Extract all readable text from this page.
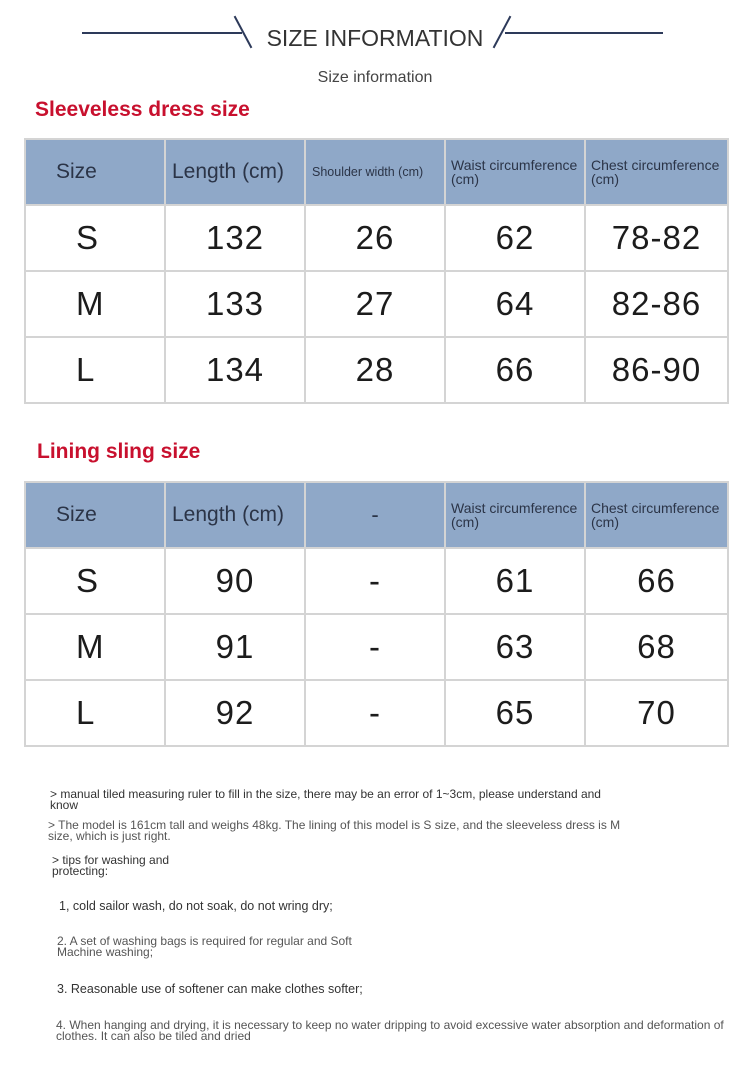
SIZE INFORMATION
Size information
Sleeveless dress size
Size	Length (cm)	Shoulder width (cm)	Waist circumference (cm)	Chest circumference (cm)
S	132	26	62	78-82
M	133	27	64	82-86
L	134	28	66	86-90
Lining sling size
Size	Length (cm)	-	Waist circumference (cm)	Chest circumference (cm)
S	90	-	61	66
M	91	-	63	68
L	92	-	65	70
> manual tiled measuring ruler to fill in the size, there may be an error of 1~3cm, please understand and know
> The model is 161cm tall and weighs 48kg. The lining of this model is S size, and the sleeveless dress is M size, which is just right.
> tips for washing and protecting:
1, cold sailor wash, do not soak, do not wring dry;
2. A set of washing bags is required for regular and Soft Machine washing;
3. Reasonable use of softener can make clothes softer;
4. When hanging and drying, it is necessary to keep no water dripping to avoid excessive water absorption and deformation of clothes. It can also be tiled and dried
